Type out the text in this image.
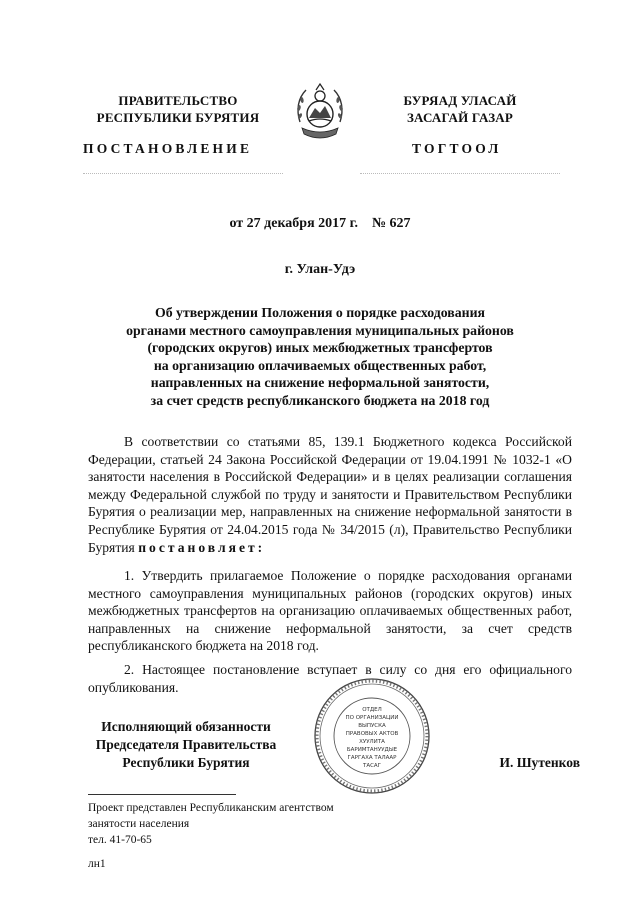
ПРАВИТЕЛЬСТВО
РЕСПУБЛИКИ БУРЯТИЯ
БУРЯАД УЛАСАЙ
ЗАСАГАЙ ГАЗАР
ПОСТАНОВЛЕНИЕ	ТОГТООЛ
от 27 декабря 2017 г.    № 627
г. Улан-Удэ
Об утверждении Положения о порядке расходования
органами местного самоуправления муниципальных районов
(городских округов) иных межбюджетных трансфертов
на организацию оплачиваемых общественных работ,
направленных на снижение неформальной занятости,
за счет средств республиканского бюджета на 2018 год
В соответствии со статьями 85, 139.1 Бюджетного кодекса Российской Федерации, статьей 24 Закона Российской Федерации от 19.04.1991 № 1032-1 «О занятости населения в Российской Федерации» и в целях реализации соглашения между Федеральной службой по труду и занятости и Правительством Республики Бурятия о реализации мер, направленных на снижение неформальной занятости в Республике Бурятия от 24.04.2015 года № 34/2015 (л), Правительство Республики Бурятия постановляет:
1. Утвердить прилагаемое Положение о порядке расходования органами местного самоуправления муниципальных районов (городских округов) иных межбюджетных трансфертов на организацию оплачиваемых общественных работ, направленных на снижение неформальной занятости, за счет средств республиканского бюджета на 2018 год.
2. Настоящее постановление вступает в силу со дня его официального опубликования.
Исполняющий обязанности
Председателя Правительства
Республики Бурятия
ОТДЕЛ
ПО ОРГАНИЗАЦИИ
ВЫПУСКА
ПРАВОВЫХ АКТОВ
ХУУЛИТА
БАРИМТАНУУДЫЕ
ГАРГАХА ТАЛААР
ТАСАГ	И. Шутенков
Проект представлен Республиканским агентством
занятости населения
тел. 41-70-65
лн1
